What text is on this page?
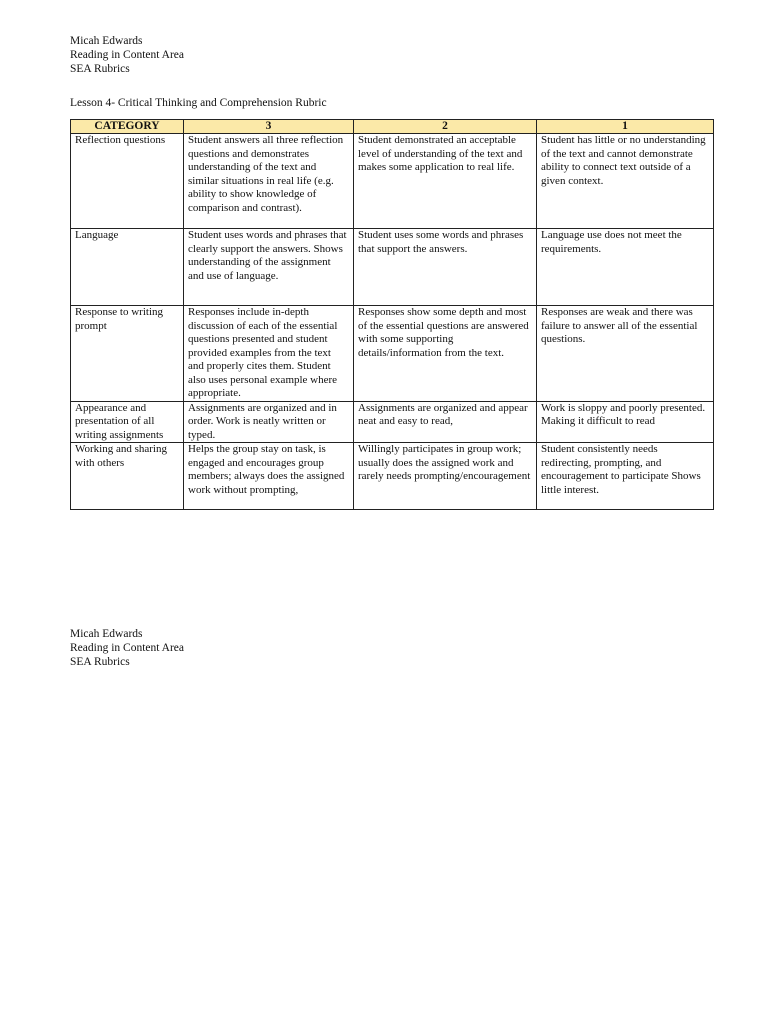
Micah Edwards
Reading in Content Area
SEA Rubrics
Lesson 4- Critical Thinking and Comprehension Rubric
CATEGORY	3	2	1
Reflection questions	Student answers all three reflection questions and demonstrates understanding of the text and similar situations in real life (e.g. ability to show knowledge of comparison and contrast).	Student demonstrated an acceptable level of understanding of the text and makes some application to real life.	Student has little or no understanding of the text and cannot demonstrate ability to connect text outside of a given context.
Language	Student uses words and phrases that clearly support the answers. Shows understanding of the assignment and use of language.	Student uses some words and phrases that support the answers.	Language use does not meet the requirements.
Response to writing prompt	Responses include in-depth discussion of each of the essential questions presented and student provided examples from the text and properly cites them. Student also uses personal example where appropriate.	Responses show some depth and most of the essential questions are answered with some supporting details/information from the text.	Responses are weak and there was failure to answer all of the essential questions.
Appearance and presentation of all writing assignments	Assignments are organized and in order. Work is neatly written or typed.	Assignments are organized and appear neat and easy to read,	Work is sloppy and poorly presented. Making it difficult to read
Working and sharing with others	Helps the group stay on task, is engaged and encourages group members; always does the assigned work without prompting,	Willingly participates in group work; usually does the assigned work and rarely needs prompting/encouragement	Student consistently needs redirecting, prompting, and encouragement to participate Shows little interest.
Micah Edwards
Reading in Content Area
SEA Rubrics
